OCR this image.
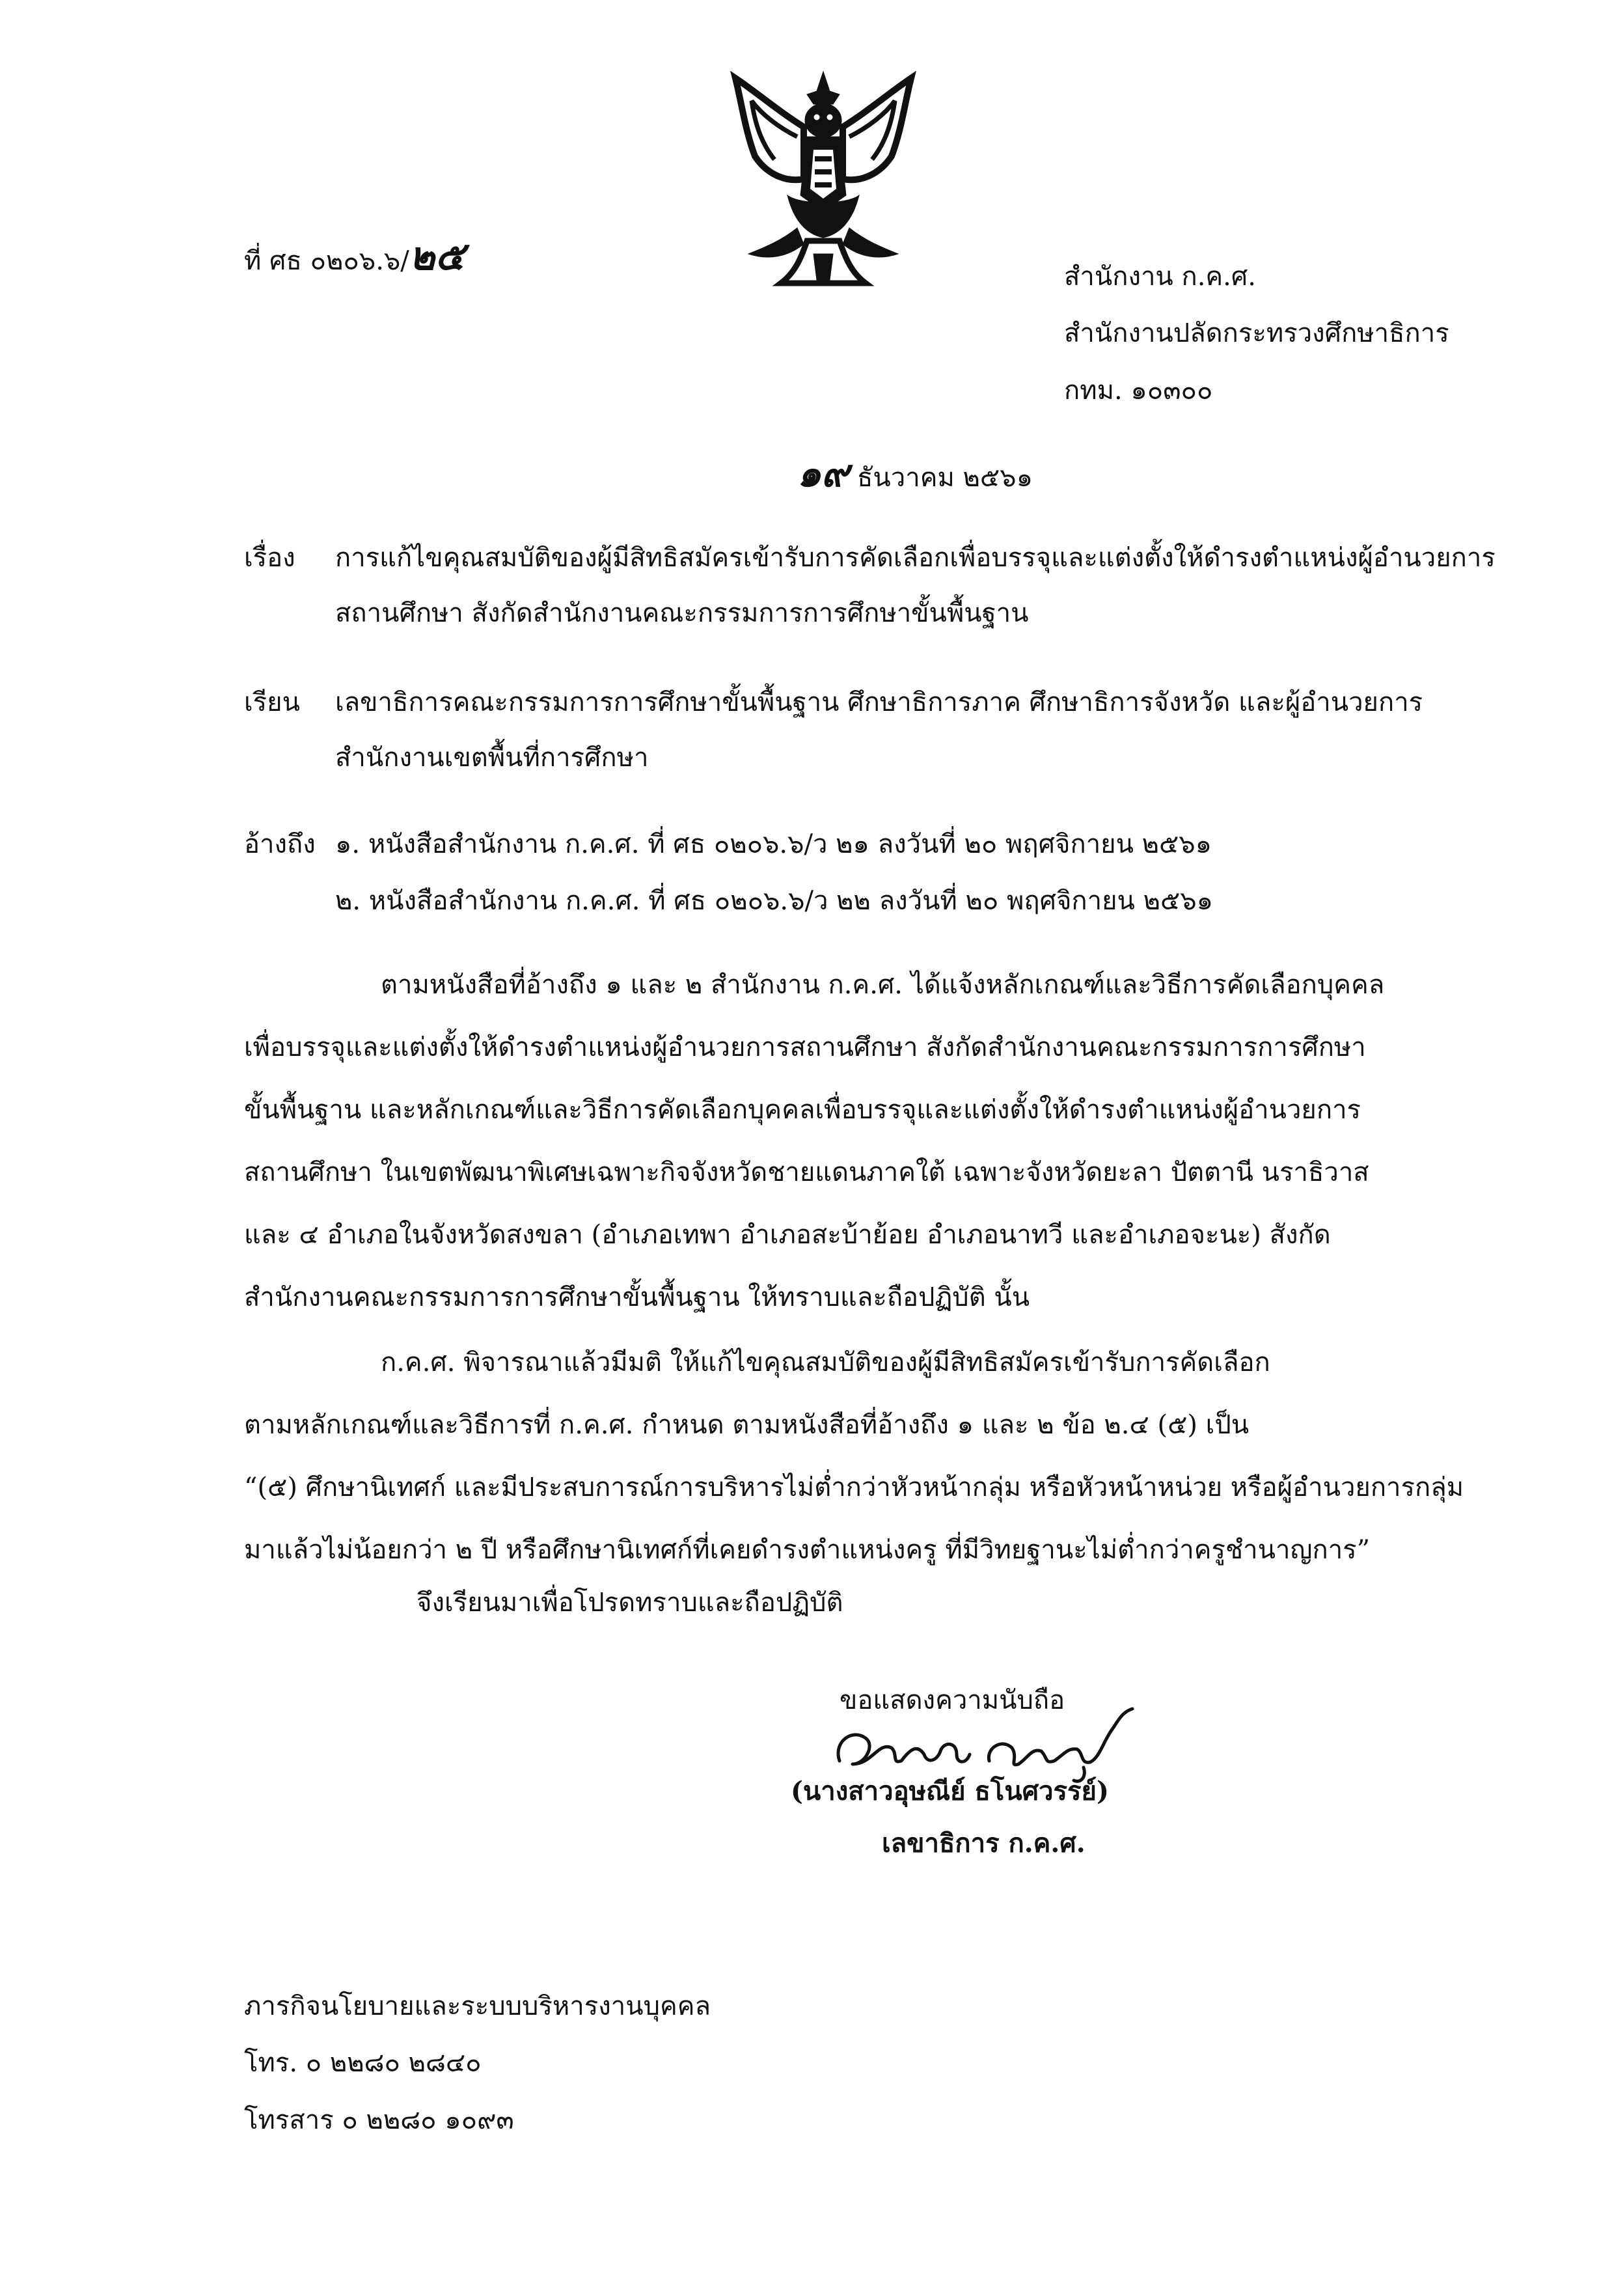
ที่ ศธ ๐๒๐๖.๖/๒๕	สำนักงาน ก.ค.ศ.
สำนักงานปลัดกระทรวงศึกษาธิการ
กทม. ๑๐๓๐๐
๑๙ ธันวาคม ๒๕๖๑
เรื่อง การแก้ไขคุณสมบัติของผู้มีสิทธิสมัครเข้ารับการคัดเลือกเพื่อบรรจุและแต่งตั้งให้ดำรงตำแหน่งผู้อำนวยการ
สถานศึกษา สังกัดสำนักงานคณะกรรมการการศึกษาขั้นพื้นฐาน
เรียน เลขาธิการคณะกรรมการการศึกษาขั้นพื้นฐาน ศึกษาธิการภาค ศึกษาธิการจังหวัด และผู้อำนวยการ
สำนักงานเขตพื้นที่การศึกษา
อ้างถึง ๑. หนังสือสำนักงาน ก.ค.ศ. ที่ ศธ ๐๒๐๖.๖/ว ๒๑ ลงวันที่ ๒๐ พฤศจิกายน ๒๕๖๑
๒. หนังสือสำนักงาน ก.ค.ศ. ที่ ศธ ๐๒๐๖.๖/ว ๒๒ ลงวันที่ ๒๐ พฤศจิกายน ๒๕๖๑
ตามหนังสือที่อ้างถึง ๑ และ ๒ สำนักงาน ก.ค.ศ. ได้แจ้งหลักเกณฑ์และวิธีการคัดเลือกบุคคล
เพื่อบรรจุและแต่งตั้งให้ดำรงตำแหน่งผู้อำนวยการสถานศึกษา สังกัดสำนักงานคณะกรรมการการศึกษา
ขั้นพื้นฐาน และหลักเกณฑ์และวิธีการคัดเลือกบุคคลเพื่อบรรจุและแต่งตั้งให้ดำรงตำแหน่งผู้อำนวยการ
สถานศึกษา ในเขตพัฒนาพิเศษเฉพาะกิจจังหวัดชายแดนภาคใต้ เฉพาะจังหวัดยะลา ปัตตานี นราธิวาส
และ ๔ อำเภอในจังหวัดสงขลา (อำเภอเทพา อำเภอสะบ้าย้อย อำเภอนาทวี และอำเภอจะนะ) สังกัด
สำนักงานคณะกรรมการการศึกษาขั้นพื้นฐาน ให้ทราบและถือปฏิบัติ นั้น
ก.ค.ศ. พิจารณาแล้วมีมติ ให้แก้ไขคุณสมบัติของผู้มีสิทธิสมัครเข้ารับการคัดเลือก
ตามหลักเกณฑ์และวิธีการที่ ก.ค.ศ. กำหนด ตามหนังสือที่อ้างถึง ๑ และ ๒ ข้อ ๒.๔ (๕) เป็น
“(๕) ศึกษานิเทศก์ และมีประสบการณ์การบริหารไม่ต่ำกว่าหัวหน้ากลุ่ม หรือหัวหน้าหน่วย หรือผู้อำนวยการกลุ่ม
มาแล้วไม่น้อยกว่า ๒ ปี หรือศึกษานิเทศก์ที่เคยดำรงตำแหน่งครู ที่มีวิทยฐานะไม่ต่ำกว่าครูชำนาญการ”
จึงเรียนมาเพื่อโปรดทราบและถือปฏิบัติ
ขอแสดงความนับถือ
(นางสาวอุษณีย์ ธโนศวรรย์)
เลขาธิการ ก.ค.ศ.
ภารกิจนโยบายและระบบบริหารงานบุคคล
โทร. ๐ ๒๒๘๐ ๒๘๔๐
โทรสาร ๐ ๒๒๘๐ ๑๐๙๓
